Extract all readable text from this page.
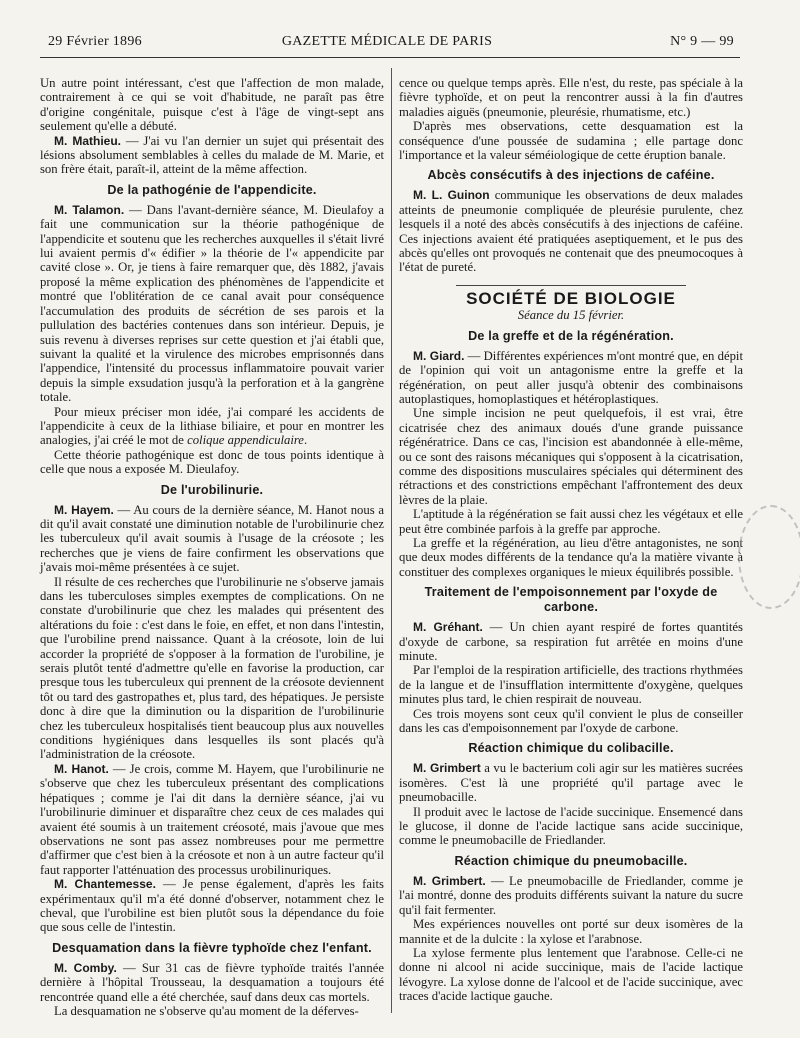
29 Février 1896	GAZETTE MÉDICALE DE PARIS	N° 9 — 99

Un autre point intéressant, c'est que l'affection de mon malade, contrairement à ce qui se voit d'habitude, ne paraît pas être d'origine congénitale, puisque c'est à l'âge de vingt-sept ans seulement qu'elle a débuté.

M. Mathieu. — J'ai vu l'an dernier un sujet qui présentait des lésions absolument semblables à celles du malade de M. Marie, et son frère était, paraît-il, atteint de la même affection.

De la pathogénie de l'appendicite.

M. Talamon. — Dans l'avant-dernière séance, M. Dieulafoy a fait une communication sur la théorie pathogénique de l'appendicite et soutenu que les recherches auxquelles il s'était livré lui avaient permis d'« édifier » la théorie de l'« appendicite par cavité close ». Or, je tiens à faire remarquer que, dès 1882, j'avais proposé la même explication des phénomènes de l'appendicite et montré que l'oblitération de ce canal avait pour conséquence l'accumulation des produits de sécrétion de ses parois et la pullulation des bactéries contenues dans son intérieur. Depuis, je suis revenu à diverses reprises sur cette question et j'ai établi que, suivant la qualité et la virulence des microbes emprisonnés dans l'appendice, l'intensité du processus inflammatoire pouvait varier depuis la simple exsudation jusqu'à la perforation et à la gangrène totale.

Pour mieux préciser mon idée, j'ai comparé les accidents de l'appendicite à ceux de la lithiase biliaire, et pour en montrer les analogies, j'ai créé le mot de colique appendiculaire.

Cette théorie pathogénique est donc de tous points identique à celle que nous a exposée M. Dieulafoy.

De l'urobilinurie.

M. Hayem. — Au cours de la dernière séance, M. Hanot nous a dit qu'il avait constaté une diminution notable de l'urobilinurie chez les tuberculeux qu'il avait soumis à l'usage de la créosote ; les recherches que je viens de faire confirment les observations que j'avais moi-même présentées à ce sujet.

Il résulte de ces recherches que l'urobilinurie ne s'observe jamais dans les tuberculoses simples exemptes de complications. On ne constate d'urobilinurie que chez les malades qui présentent des altérations du foie : c'est dans le foie, en effet, et non dans l'intestin, que l'urobiline prend naissance. Quant à la créosote, loin de lui accorder la propriété de s'opposer à la formation de l'urobiline, je serais plutôt tenté d'admettre qu'elle en favorise la production, car presque tous les tuberculeux qui prennent de la créosote deviennent tôt ou tard des gastropathes et, plus tard, des hépatiques. Je persiste donc à dire que la diminution ou la disparition de l'urobilinurie chez les tuberculeux hospitalisés tient beaucoup plus aux nouvelles conditions hygiéniques dans lesquelles ils sont placés qu'à l'administration de la créosote.

M. Hanot. — Je crois, comme M. Hayem, que l'urobilinurie ne s'observe que chez les tuberculeux présentant des complications hépatiques ; comme je l'ai dit dans la dernière séance, j'ai vu l'urobilinurie diminuer et disparaître chez ceux de ces malades qui avaient été soumis à un traitement créosoté, mais j'avoue que mes observations ne sont pas assez nombreuses pour me permettre d'affirmer que c'est bien à la créosote et non à un autre facteur qu'il faut rapporter l'atténuation des processus urobilinuriques.

M. Chantemesse. — Je pense également, d'après les faits expérimentaux qu'il m'a été donné d'observer, notamment chez le cheval, que l'urobiline est bien plutôt sous la dépendance du foie que sous celle de l'intestin.

Desquamation dans la fièvre typhoïde chez l'enfant.

M. Comby. — Sur 31 cas de fièvre typhoïde traités l'année dernière à l'hôpital Trousseau, la desquamation a toujours été rencontrée quand elle a été cherchée, sauf dans deux cas mortels.

La desquamation ne s'observe qu'au moment de la déferves-

cence ou quelque temps après. Elle n'est, du reste, pas spéciale à la fièvre typhoïde, et on peut la rencontrer aussi à la fin d'autres maladies aiguës (pneumonie, pleurésie, rhumatisme, etc.)

D'après mes observations, cette desquamation est la conséquence d'une poussée de sudamina ; elle partage donc l'importance et la valeur séméiologique de cette éruption banale.

Abcès consécutifs à des injections de caféine.

M. L. Guinon communique les observations de deux malades atteints de pneumonie compliquée de pleurésie purulente, chez lesquels il a noté des abcès consécutifs à des injections de caféine. Ces injections avaient été pratiquées aseptiquement, et le pus des abcès qu'elles ont provoqués ne contenait que des pneumocoques à l'état de pureté.

SOCIÉTÉ DE BIOLOGIE
Séance du 15 février.
De la greffe et de la régénération.

M. Giard. — Différentes expériences m'ont montré que, en dépit de l'opinion qui voit un antagonisme entre la greffe et la régénération, on peut aller jusqu'à obtenir des combinaisons autoplastiques, homoplastiques et hétéroplastiques.

Une simple incision ne peut quelquefois, il est vrai, être cicatrisée chez des animaux doués d'une grande puissance régénératrice. Dans ce cas, l'incision est abandonnée à elle-même, ou ce sont des raisons mécaniques qui s'opposent à la cicatrisation, comme des dispositions musculaires spéciales qui déterminent des rétractions et des constrictions empêchant l'affrontement des deux lèvres de la plaie.

L'aptitude à la régénération se fait aussi chez les végétaux et elle peut être combinée parfois à la greffe par approche.

La greffe et la régénération, au lieu d'être antagonistes, ne sont que deux modes différents de la tendance qu'a la matière vivante à constituer des complexes organiques le mieux équilibrés possible.

Traitement de l'empoisonnement par l'oxyde de carbone.

M. Gréhant. — Un chien ayant respiré de fortes quantités d'oxyde de carbone, sa respiration fut arrêtée en moins d'une minute.

Par l'emploi de la respiration artificielle, des tractions rhythmées de la langue et de l'insufflation intermittente d'oxygène, quelques minutes plus tard, le chien respirait de nouveau.

Ces trois moyens sont ceux qu'il convient le plus de conseiller dans les cas d'empoisonnement par l'oxyde de carbone.

Réaction chimique du colibacille.

M. Grimbert a vu le bacterium coli agir sur les matières sucrées isomères. C'est là une propriété qu'il partage avec le pneumobacille.

Il produit avec le lactose de l'acide succinique. Ensemencé dans le glucose, il donne de l'acide lactique sans acide succinique, comme le pneumobacille de Friedlander.

Réaction chimique du pneumobacille.

M. Grimbert. — Le pneumobacille de Friedlander, comme je l'ai montré, donne des produits différents suivant la nature du sucre qu'il fait fermenter.

Mes expériences nouvelles ont porté sur deux isomères de la mannite et de la dulcite : la xylose et l'arabnose.

La xylose fermente plus lentement que l'arabnose. Celle-ci ne donne ni alcool ni acide succinique, mais de l'acide lactique lévogyre. La xylose donne de l'alcool et de l'acide succinique, avec traces d'acide lactique gauche.
